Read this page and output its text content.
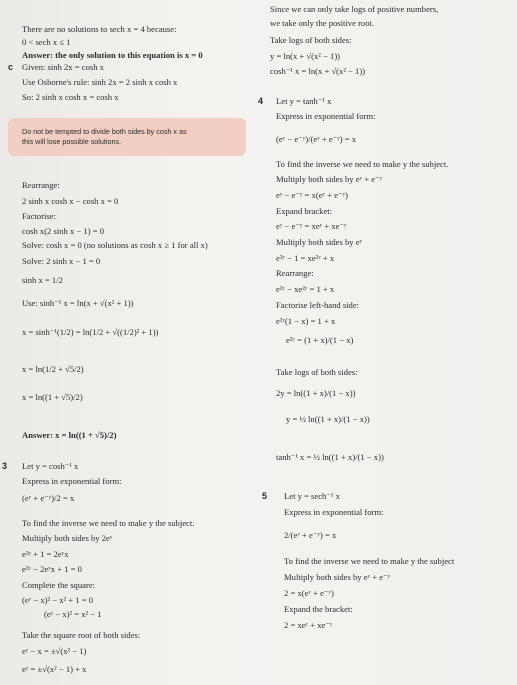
There are no solutions to sech x = 4 because:
0 < sech x ≤ 1
Answer: the only solution to this equation is x = 0
c Given: sinh 2x = cosh x
Use Osborne's rule: sinh 2x = 2 sinh x cosh x
So: 2 sinh x cosh x = cosh x
Do not be tempted to divide both sides by cosh x as
this will lose possible solutions.
Rearrange:
2 sinh x cosh x − cosh x = 0
Factorise:
cosh x(2 sinh x − 1) = 0
Solve: cosh x = 0 (no solutions as cosh x ≥ 1 for all x)
Solve: 2 sinh x − 1 = 0
sinh x = 1/2
Use: sinh⁻¹ x = ln(x + √(x² + 1))
x = sinh⁻¹(1/2) = ln(1/2 + √((1/2)² + 1))
x = ln(1/2 + √5/2)
x = ln((1 + √5)/2)
Answer: x = ln((1 + √5)/2)
3 Let y = cosh⁻¹ x
Express in exponential form:
(eʸ + e⁻ʸ)/2 = x
To find the inverse we need to make y the subject.
Multiply both sides by 2eʸ
e²ʸ + 1 = 2eʸx
e²ʸ − 2eʸx + 1 = 0
Complete the square:
(eʸ − x)² − x² + 1 = 0
(eʸ − x)² = x² − 1
Take the square root of both sides:
eʸ − x = ±√(x² − 1)
eʸ = ±√(x² − 1) + x
Since we can only take logs of positive numbers,
we take only the positive root.
Take logs of both sides:
y = ln(x + √(x² − 1))
cosh⁻¹ x = ln(x + √(x² − 1))
4 Let y = tanh⁻¹ x
Express in exponential form:
(eʸ − e⁻ʸ)/(eʸ + e⁻ʸ) = x
To find the inverse we need to make y the subject.
Multiply both sides by eʸ + e⁻ʸ
eʸ − e⁻ʸ = x(eʸ + e⁻ʸ)
Expand bracket:
eʸ − e⁻ʸ = xeʸ + xe⁻ʸ
Multiply both sides by eʸ
e²ʸ − 1 = xe²ʸ + x
Rearrange:
e²ʸ − xe²ʸ = 1 + x
Factorise left-hand side:
e²ʸ(1 − x) = 1 + x
e²ʸ = (1 + x)/(1 − x)
Take logs of both sides:
2y = ln((1 + x)/(1 − x))
y = ½ ln((1 + x)/(1 − x))
tanh⁻¹ x = ½ ln((1 + x)/(1 − x))
5 Let y = sech⁻¹ x
Express in exponential form:
2/(eʸ + e⁻ʸ) = x
To find the inverse we need to make y the subject
Multiply both sides by eʸ + e⁻ʸ
2 = x(eʸ + e⁻ʸ)
Expand the bracket:
2 = xeʸ + xe⁻ʸ
